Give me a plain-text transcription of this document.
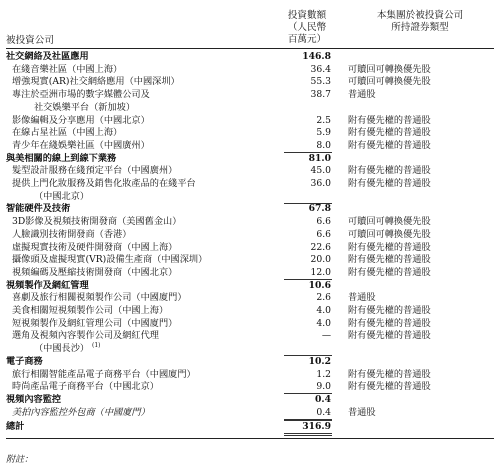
投資數額
（人民幣
百萬元）
本集團於被投資公司
所持證券類型
被投資公司
社交網絡及社區應用	146.8
在綫音樂社區（中國上海）	36.4 可贖回可轉換優先股
增強現實(AR)社交網絡應用（中國深圳）	55.3 可贖回可轉換優先股
專注於亞洲市場的數字媒體公司及	38.7 普通股
社交娛樂平台（新加坡）
影像編輯及分享應用（中國北京）	2.5 附有優先權的普通股
在線占星社區（中國上海）	5.9 附有優先權的普通股
青少年在綫娛樂社區（中國廣州）	8.0 附有優先權的普通股
與美相關的線上到線下業務	81.0
髮型設計服務在綫預定平台（中國廣州）	45.0 附有優先權的普通股
提供上門化妝服務及銷售化妝產品的在綫平台	36.0 附有優先權的普通股
（中國北京）
智能硬件及技術	67.8
3D影像及視頻技術開發商（美國舊金山）	6.6 可贖回可轉換優先股
人臉識別技術開發商（香港）	6.6 可贖回可轉換優先股
虛擬現實技術及硬件開發商（中國上海）	22.6 附有優先權的普通股
攝像頭及虛擬現實(VR)設備生產商（中國深圳）	20.0 附有優先權的普通股
視頻編碼及壓縮技術開發商（中國北京）	12.0 附有優先權的普通股
視頻製作及網紅管理	10.6
喜劇及旅行相關視頻製作公司（中國廈門）	2.6 普通股
美食相關短視頻製作公司（中國上海）	4.0 附有優先權的普通股
短視頻製作及網紅管理公司（中國廈門）	4.0 附有優先權的普通股
選角及視頻內容製作公司及網紅代理	— 附有優先權的普通股
（中國長沙） (1)
電子商務	10.2
旅行相關智能產品電子商務平台（中國廈門）	1.2 附有優先權的普通股
時尚產品電子商務平台（中國北京）	9.0 附有優先權的普通股
視頻內容監控	0.4
美拍內容監控外包商（中國廈門）	0.4 普通股
總計	316.9
附註：
